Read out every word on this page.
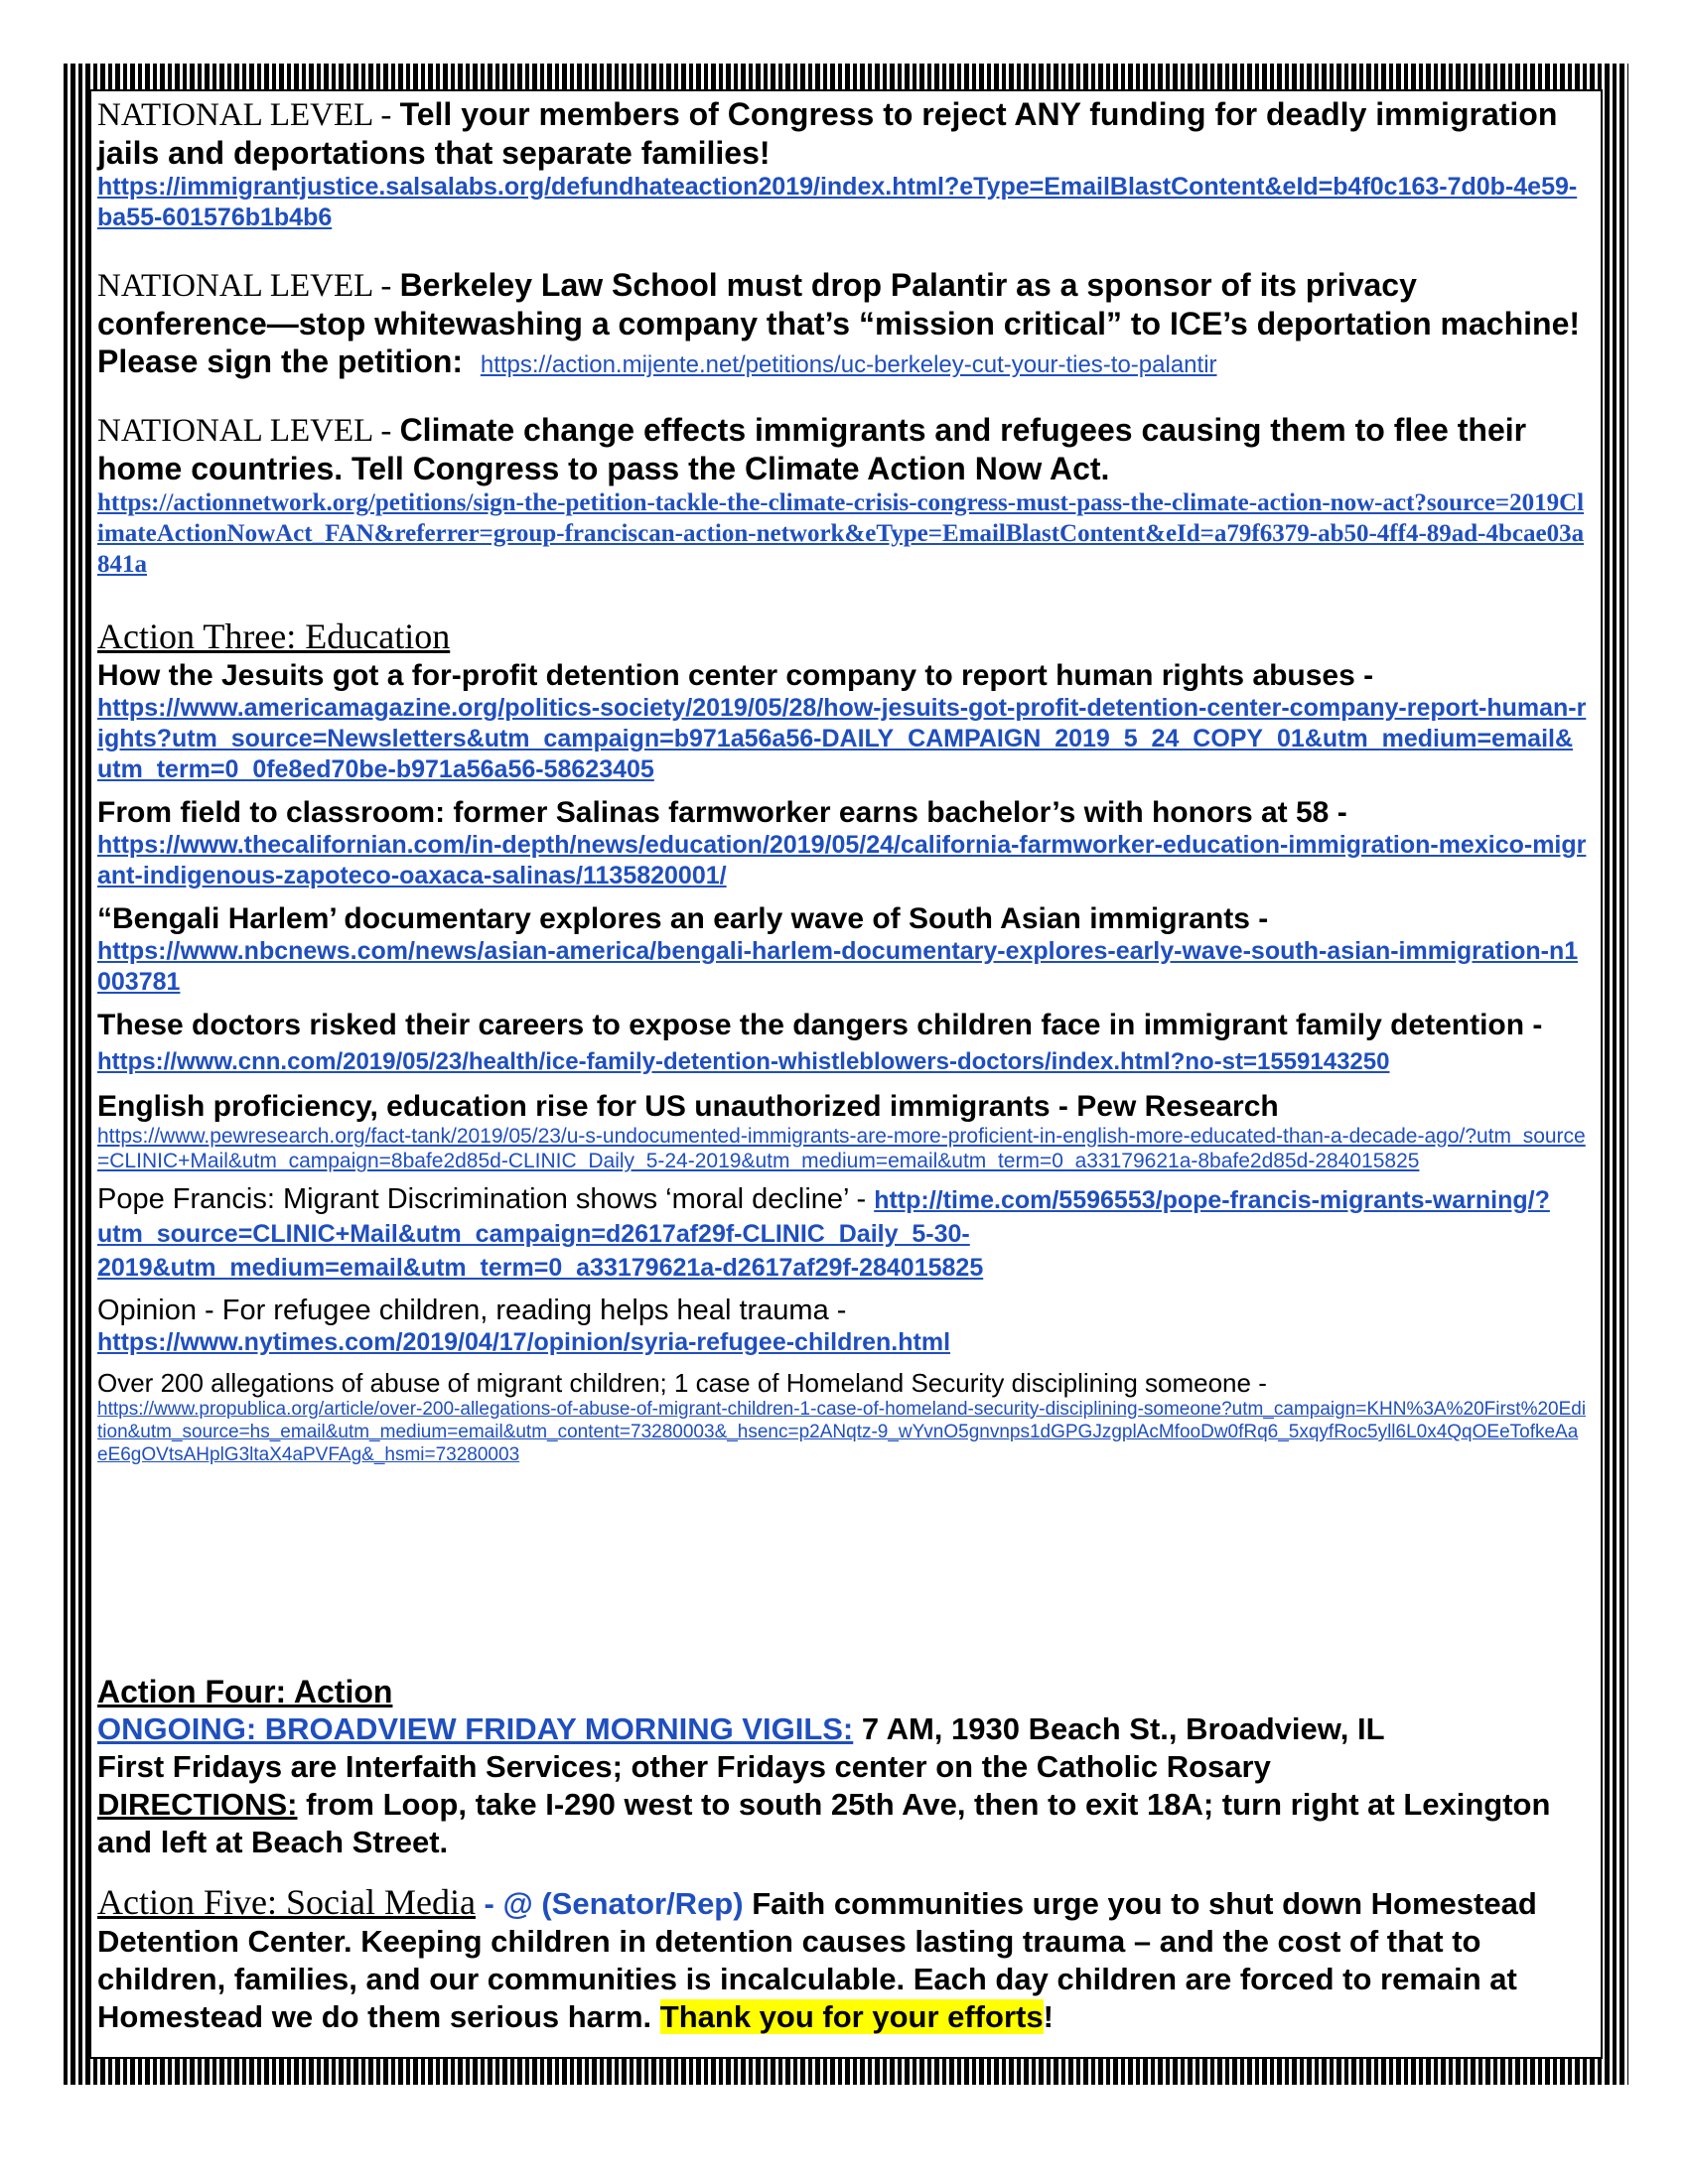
NATIONAL LEVEL - Tell your members of Congress to reject ANY funding for deadly immigration jails and deportations that separate families!

https://immigrantjustice.salsalabs.org/defundhateaction2019/index.html?eType=EmailBlastContent&eId=b4f0c163-7d0b-4e59-ba55-601576b1b4b6

NATIONAL LEVEL - Berkeley Law School must drop Palantir as a sponsor of its privacy conference—stop whitewashing a company that’s “mission critical” to ICE’s deportation machine! Please sign the petition: https://action.mijente.net/petitions/uc-berkeley-cut-your-ties-to-palantir

NATIONAL LEVEL - Climate change effects immigrants and refugees causing them to flee their home countries. Tell Congress to pass the Climate Action Now Act.

https://actionnetwork.org/petitions/sign-the-petition-tackle-the-climate-crisis-congress-must-pass-the-climate-action-now-act?source=2019ClimateActionNowAct_FAN&referrer=group-franciscan-action-network&eType=EmailBlastContent&eId=a79f6379-ab50-4ff4-89ad-4bcae03a841a
Action Three: Education

How the Jesuits got a for-profit detention center company to report human rights abuses -

https://www.americamagazine.org/politics-society/2019/05/28/how-jesuits-got-profit-detention-center-company-report-human-rights?utm_source=Newsletters&utm_campaign=b971a56a56-DAILY_CAMPAIGN_2019_5_24_COPY_01&utm_medium=email&utm_term=0_0fe8ed70be-b971a56a56-58623405

From field to classroom: former Salinas farmworker earns bachelor’s with honors at 58 -

https://www.thecalifornian.com/in-depth/news/education/2019/05/24/california-farmworker-education-immigration-mexico-migrant-indigenous-zapoteco-oaxaca-salinas/1135820001/

“Bengali Harlem’ documentary explores an early wave of South Asian immigrants -

https://www.nbcnews.com/news/asian-america/bengali-harlem-documentary-explores-early-wave-south-asian-immigration-n1003781

These doctors risked their careers to expose the dangers children face in immigrant family detention - https://www.cnn.com/2019/05/23/health/ice-family-detention-whistleblowers-doctors/index.html?no-st=1559143250

English proficiency, education rise for US unauthorized immigrants - Pew Research

https://www.pewresearch.org/fact-tank/2019/05/23/u-s-undocumented-immigrants-are-more-proficient-in-english-more-educated-than-a-decade-ago/?utm_source=CLINIC+Mail&utm_campaign=8bafe2d85d-CLINIC_Daily_5-24-2019&utm_medium=email&utm_term=0_a33179621a-8bafe2d85d-284015825

Pope Francis: Migrant Discrimination shows ‘moral decline’ - http://time.com/5596553/pope-francis-migrants-warning/?utm_source=CLINIC+Mail&utm_campaign=d2617af29f-CLINIC_Daily_5-30-2019&utm_medium=email&utm_term=0_a33179621a-d2617af29f-284015825

Opinion - For refugee children, reading helps heal trauma -

https://www.nytimes.com/2019/04/17/opinion/syria-refugee-children.html

Over 200 allegations of abuse of migrant children; 1 case of Homeland Security disciplining someone -

https://www.propublica.org/article/over-200-allegations-of-abuse-of-migrant-children-1-case-of-homeland-security-disciplining-someone?utm_campaign=KHN%3A%20First%20Edition&utm_source=hs_email&utm_medium=email&utm_content=73280003&_hsenc=p2ANqtz-9_wYvnO5gnvnps1dGPGJzgplAcMfooDw0fRq6_5xqyfRoc5yll6L0x4QqOEeTofkeAaeE6gOVtsAHplG3ltaX4aPVFAg&_hsmi=73280003
Action Four: Action

ONGOING: BROADVIEW FRIDAY MORNING VIGILS: 7 AM, 1930 Beach St., Broadview, IL

First Fridays are Interfaith Services; other Fridays center on the Catholic Rosary

DIRECTIONS: from Loop, take I-290 west to south 25th Ave, then to exit 18A; turn right at Lexington and left at Beach Street.

Action Five: Social Media - @ (Senator/Rep) Faith communities urge you to shut down Homestead Detention Center. Keeping children in detention causes lasting trauma – and the cost of that to children, families, and our communities is incalculable. Each day children are forced to remain at Homestead we do them serious harm. Thank you for your efforts!
